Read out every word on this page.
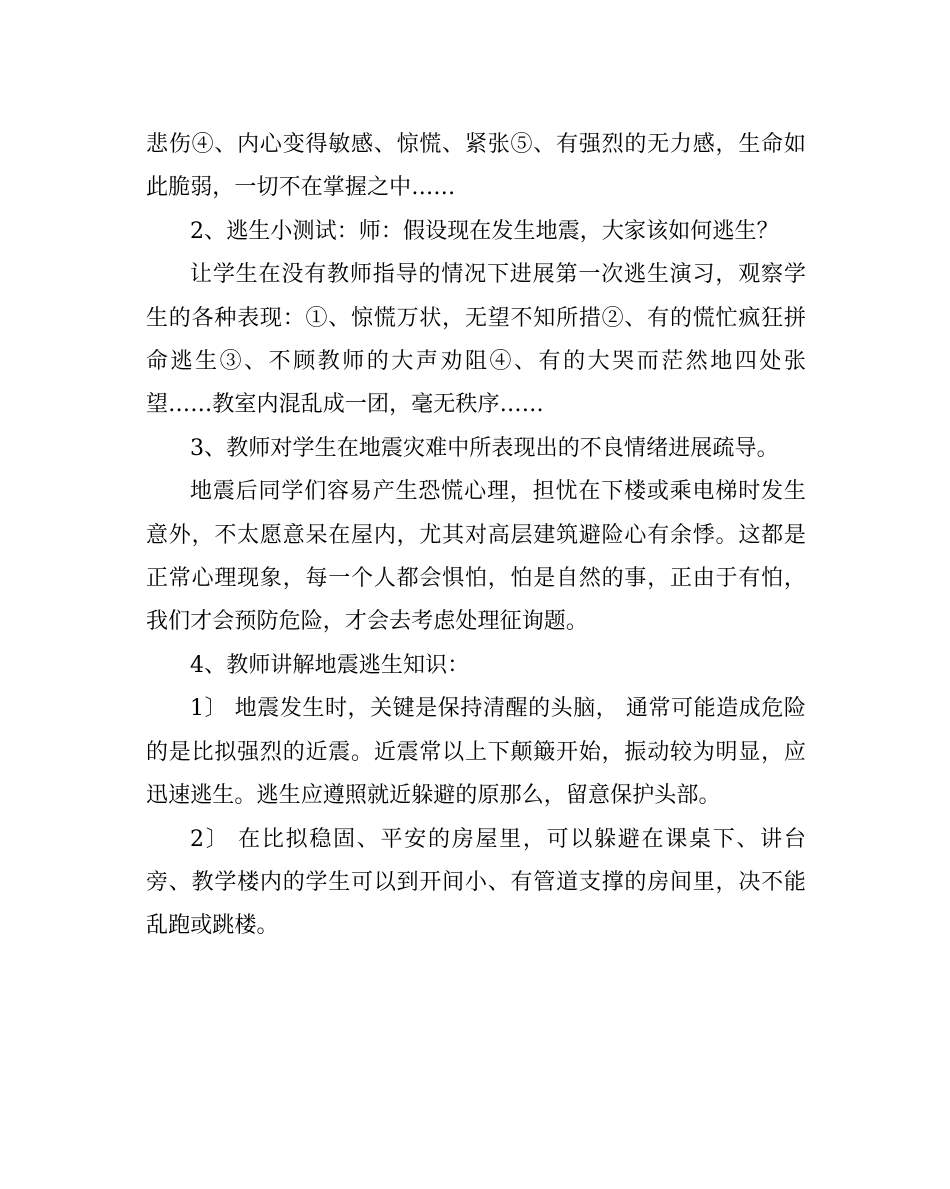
悲伤④、内心变得敏感、惊慌、紧张⑤、有强烈的无力感，生命如此脆弱，一切不在掌握之中……

2、逃生小测试：师：假设现在发生地震，大家该如何逃生？

让学生在没有教师指导的情况下进展第一次逃生演习，观察学生的各种表现：①、惊慌万状，无望不知所措②、有的慌忙疯狂拼命逃生③、不顾教师的大声劝阻④、有的大哭而茫然地四处张望……教室内混乱成一团，毫无秩序……

3、教师对学生在地震灾难中所表现出的不良情绪进展疏导。

地震后同学们容易产生恐慌心理，担忧在下楼或乘电梯时发生意外，不太愿意呆在屋内，尤其对高层建筑避险心有余悸。这都是正常心理现象，每一个人都会惧怕，怕是自然的事，正由于有怕，我们才会预防危险，才会去考虑处理征询题。

4、教师讲解地震逃生知识：

1〕 地震发生时，关键是保持清醒的头脑， 通常可能造成危险的是比拟强烈的近震。近震常以上下颠簸开始，振动较为明显，应迅速逃生。逃生应遵照就近躲避的原那么，留意保护头部。

2〕 在比拟稳固、平安的房屋里，可以躲避在课桌下、讲台旁、教学楼内的学生可以到开间小、有管道支撑的房间里，决不能乱跑或跳楼。
